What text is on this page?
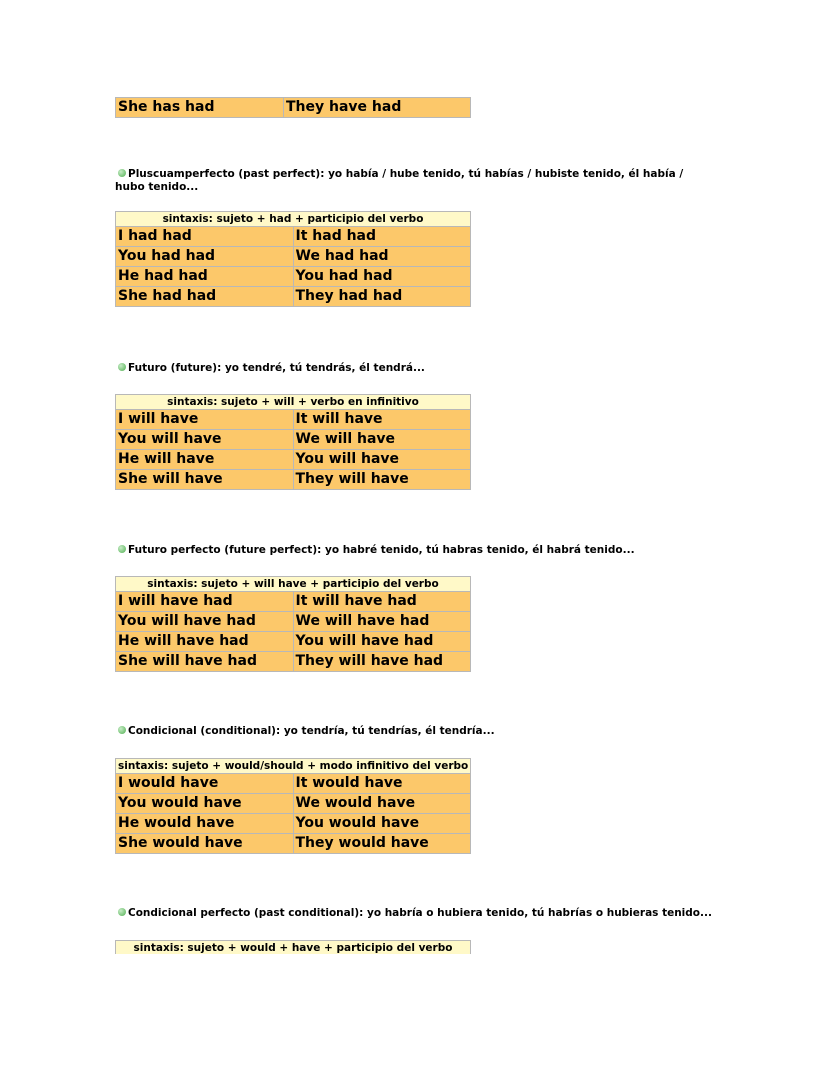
She has had	They have had
Pluscuamperfecto (past perfect): yo había / hube tenido, tú habías / hubiste tenido, él había / hubo tenido...
sintaxis: sujeto + had + participio del verbo	
I had had	It had had
You had had	We had had
He had had	You had had
She had had	They had had
Futuro (future): yo tendré, tú tendrás, él tendrá...
sintaxis: sujeto + will + verbo en infinitivo	
I will have	It will have
You will have	We will have
He will have	You will have
She will have	They will have
Futuro perfecto (future perfect): yo habré tenido, tú habras tenido, él habrá tenido...
sintaxis: sujeto + will have + participio del verbo	
I will have had	It will have had
You will have had	We will have had
He will have had	You will have had
She will have had	They will have had
Condicional (conditional): yo tendría, tú tendrías, él tendría...
sintaxis: sujeto + would/should + modo infinitivo del verbo	
I would have	It would have
You would have	We would have
He would have	You would have
She would have	They would have
Condicional perfecto (past conditional): yo habría o hubiera tenido, tú habrías o hubieras tenido...
sintaxis: sujeto + would + have + participio del verbo
